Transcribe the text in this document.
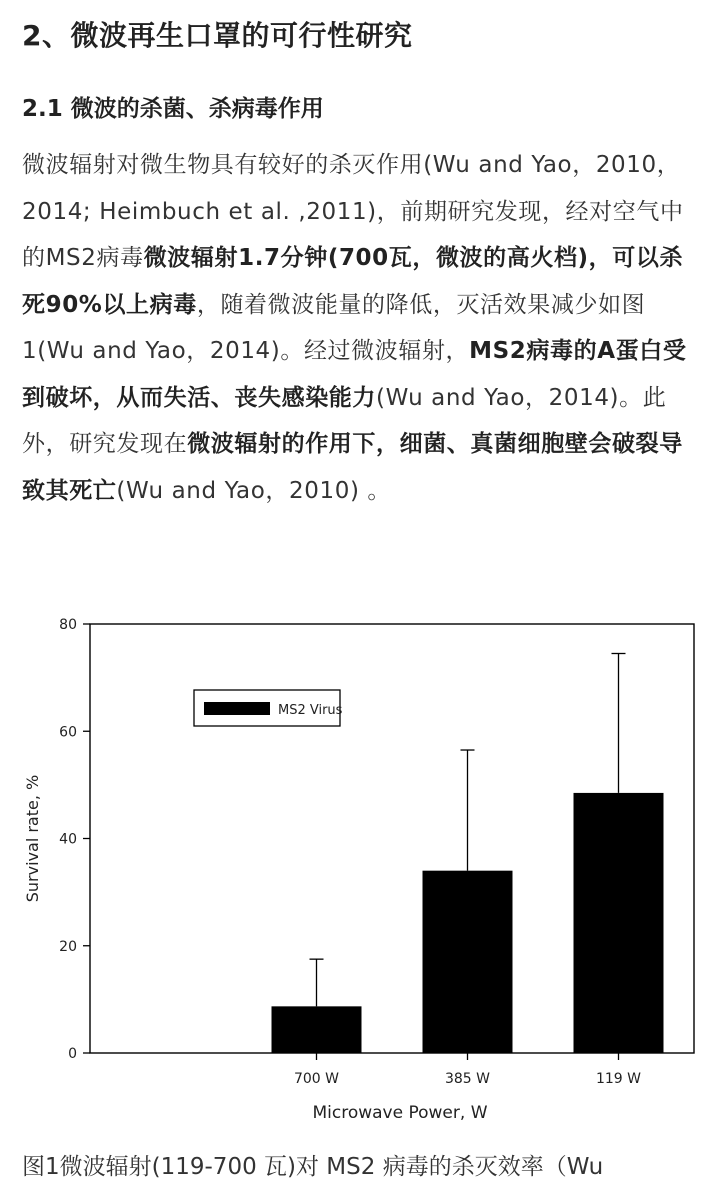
2、微波再生口罩的可行性研究
2.1 微波的杀菌、杀病毒作用

微波辐射对微生物具有较好的杀灭作用(Wu and Yao，2010，2014; Heimbuch et al. ,2011)，前期研究发现，经对空气中的MS2病毒微波辐射1.7分钟(700瓦，微波的高火档)，可以杀死90%以上病毒，随着微波能量的降低，灭活效果减少如图1(Wu and Yao，2014)。经过微波辐射，MS2病毒的A蛋白受到破坏，从而失活、丧失感染能力(Wu and Yao，2014)。此外，研究发现在微波辐射的作用下，细菌、真菌细胞壁会破裂导致其死亡(Wu and Yao，2010) 。

0
20
40
60
80
Survival rate, %
700 W	385 W	119 W
Microwave Power, W
MS2 Virus
生物气溶胶实验室 baiyun.us.ab

图1微波辐射(119-700 瓦)对 MS2 病毒的杀灭效率（Wu
